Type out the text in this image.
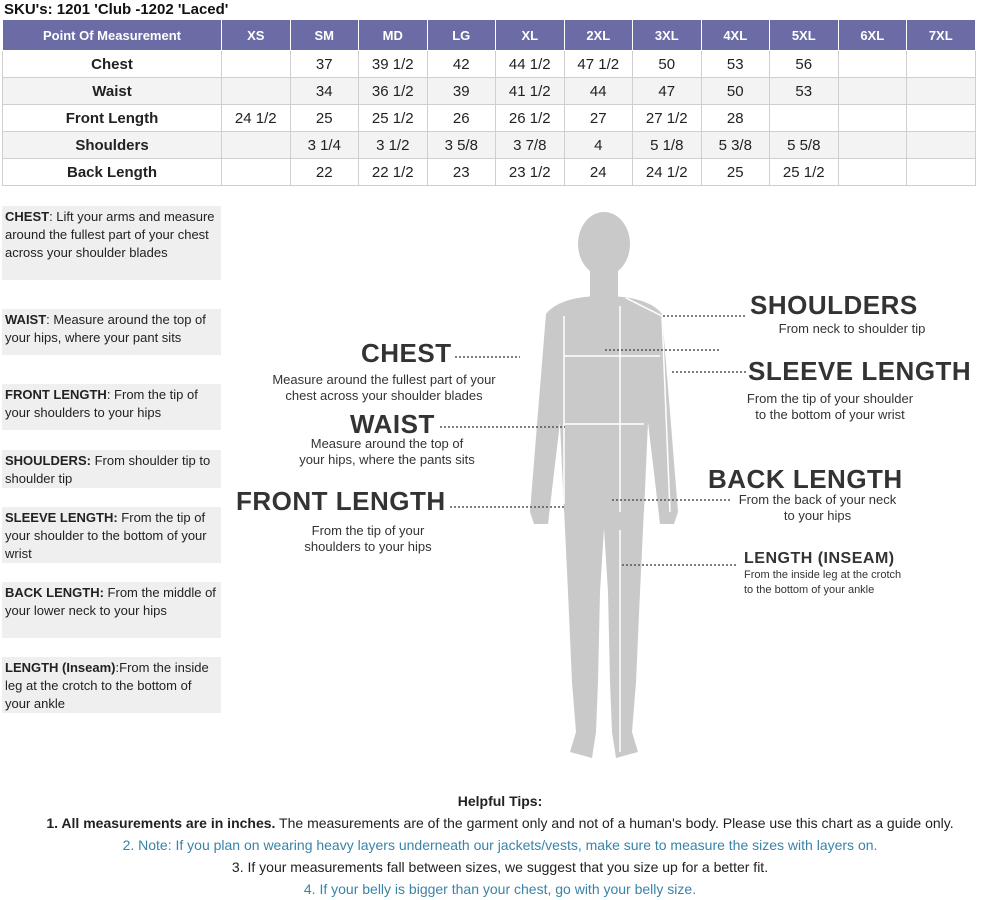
SKU's: 1201 'Club -1202 'Laced'
Point Of Measurement	XS	SM	MD	LG	XL	2XL	3XL	4XL	5XL	6XL	7XL
Chest		37	39 1/2	42	44 1/2	47 1/2	50	53	56		
Waist		34	36 1/2	39	41 1/2	44	47	50	53		
Front Length	24 1/2	25	25 1/2	26	26 1/2	27	27 1/2	28			
Shoulders		3 1/4	3 1/2	3 5/8	3 7/8	4	5 1/8	5 3/8	5 5/8		
Back Length		22	22 1/2	23	23 1/2	24	24 1/2	25	25 1/2		
CHEST: Lift your arms and measure around the fullest part of your chest across your shoulder blades
WAIST: Measure around the top of your hips, where your pant sits
FRONT LENGTH: From the tip of your shoulders to your hips
SHOULDERS: From shoulder tip to shoulder tip
SLEEVE LENGTH: From the tip of your shoulder to the bottom of your wrist
BACK LENGTH: From the middle of your lower neck to your hips
LENGTH (Inseam):From the inside leg at the crotch to the bottom of your ankle
CHEST
Measure around the fullest part of your
chest across your shoulder blades
WAIST
Measure around the top of
your hips, where the pants sits
FRONT LENGTH
From the tip of your
shoulders to your hips
SHOULDERS
From neck to shoulder tip
SLEEVE LENGTH
From the tip of your shoulder
to the bottom of your wrist
BACK LENGTH
From the back of your neck
to your hips
LENGTH (INSEAM)
From the inside leg at the crotch
to the bottom of your ankle
Helpful Tips:
1. All measurements are in inches. The measurements are of the garment only and not of a human's body. Please use this chart as a guide only.
2. Note: If you plan on wearing heavy layers underneath our jackets/vests, make sure to measure the sizes with layers on.
3. If your measurements fall between sizes, we suggest that you size up for a better fit.
4. If your belly is bigger than your chest, go with your belly size.
